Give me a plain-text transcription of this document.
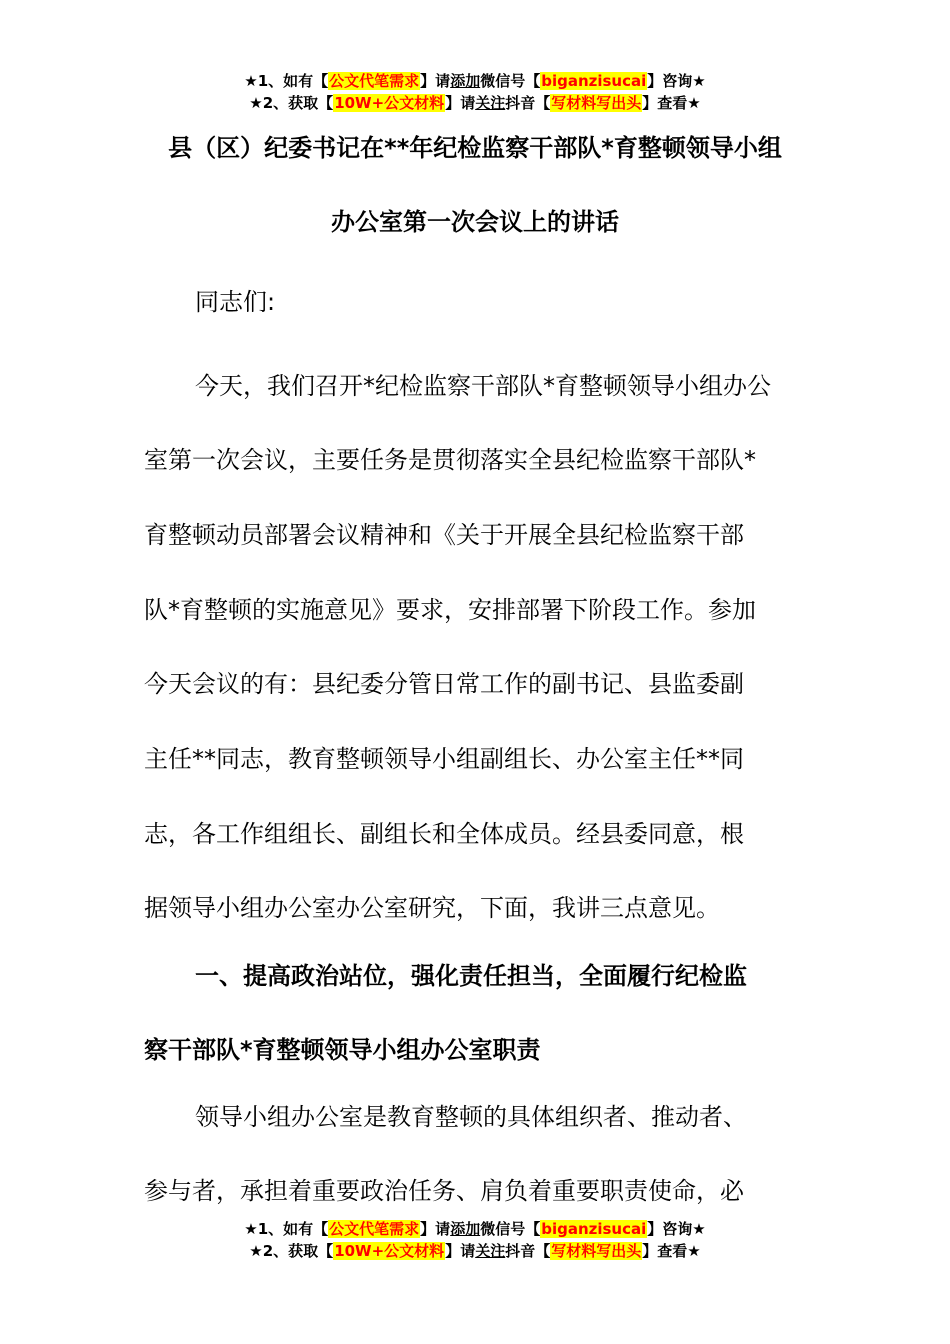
★1、如有【公文代笔需求】请添加微信号【biganzisucai】咨询★
★2、获取【10W+公文材料】请关注抖音【写材料写出头】查看★
县（区）纪委书记在**年纪检监察干部队*育整顿领导小组
办公室第一次会议上的讲话
同志们:
今天，我们召开*纪检监察干部队*育整顿领导小组办公
室第一次会议，主要任务是贯彻落实全县纪检监察干部队*
育整顿动员部署会议精神和《关于开展全县纪检监察干部
队*育整顿的实施意见》要求，安排部署下阶段工作。参加
今天会议的有：县纪委分管日常工作的副书记、县监委副
主任**同志，教育整顿领导小组副组长、办公室主任**同
志，各工作组组长、副组长和全体成员。经县委同意，根
据领导小组办公室办公室研究，下面，我讲三点意见。
一、提高政治站位，强化责任担当，全面履行纪检监
察干部队*育整顿领导小组办公室职责
领导小组办公室是教育整顿的具体组织者、推动者、
参与者，承担着重要政治任务、肩负着重要职责使命，必
★1、如有【公文代笔需求】请添加微信号【biganzisucai】咨询★
★2、获取【10W+公文材料】请关注抖音【写材料写出头】查看★
